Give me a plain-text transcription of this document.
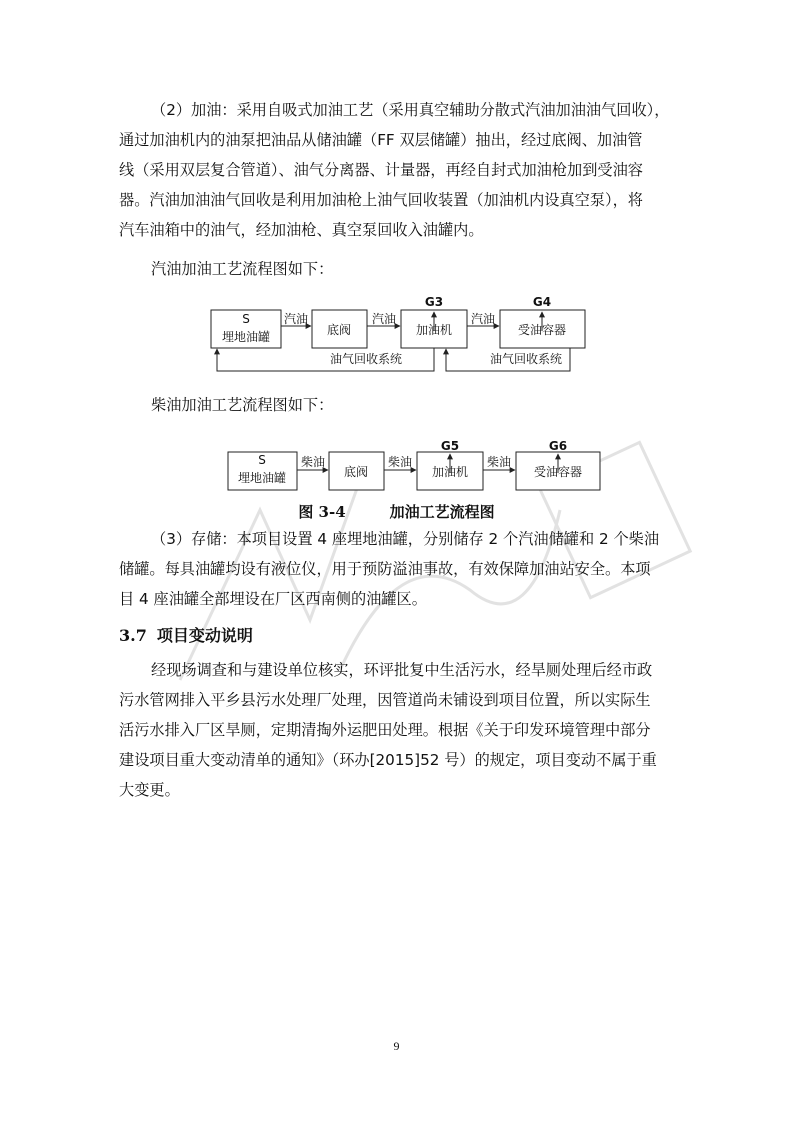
（2）加油：采用自吸式加油工艺（采用真空辅助分散式汽油加油油气回收），
通过加油机内的油泵把油品从储油罐（FF 双层储罐）抽出，经过底阀、加油管
线（采用双层复合管道）、油气分离器、计量器，再经自封式加油枪加到受油容
器。汽油加油油气回收是利用加油枪上油气回收装置（加油机内设真空泵），将
汽车油箱中的油气，经加油枪、真空泵回收入油罐内。
汽油加油工艺流程图如下：
S
埋地油罐	底阀	加油机	受油容器
汽油	汽油	汽油
G3	G4
油气回收系统	油气回收系统
柴油加油工艺流程图如下：
S
埋地油罐	底阀	加油机	受油容器
柴油	柴油	柴油
G5	G6
图 3-4	加油工艺流程图
（3）存储：本项目设置 4 座埋地油罐，分别储存 2 个汽油储罐和 2 个柴油
储罐。每具油罐均设有液位仪，用于预防溢油事故，有效保障加油站安全。本项
目 4 座油罐全部埋设在厂区西南侧的油罐区。
3.7 项目变动说明
经现场调查和与建设单位核实，环评批复中生活污水，经旱厕处理后经市政
污水管网排入平乡县污水处理厂处理，因管道尚未铺设到项目位置，所以实际生
活污水排入厂区旱厕，定期清掏外运肥田处理。根据《关于印发环境管理中部分
建设项目重大变动清单的通知》（环办[2015]52 号）的规定，项目变动不属于重
大变更。
9
